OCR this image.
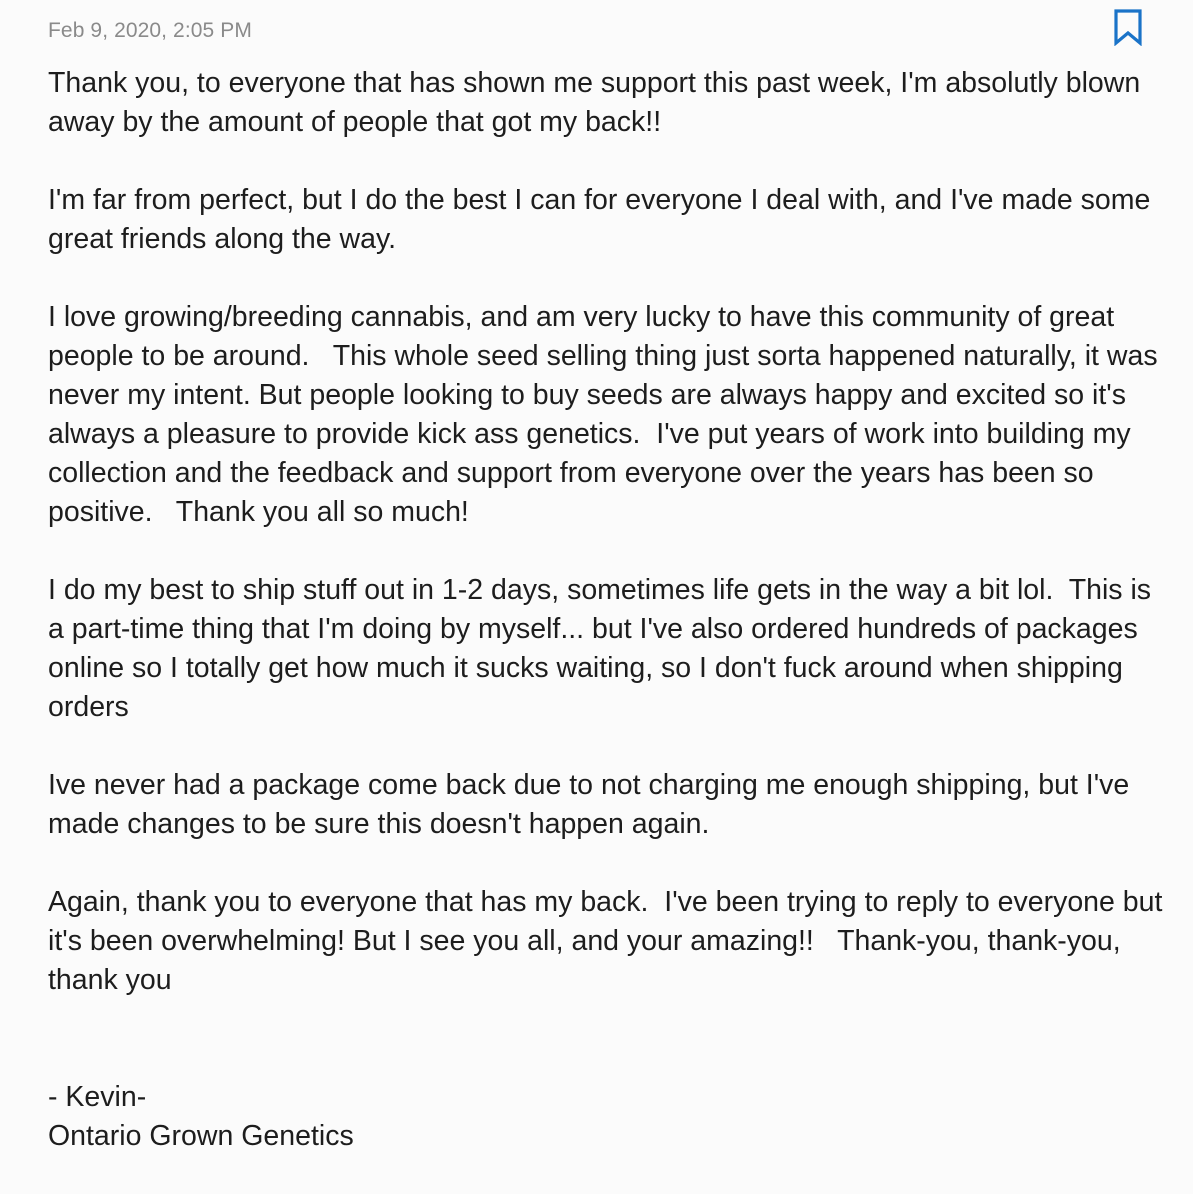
Feb 9, 2020, 2:05 PM

Thank you, to everyone that has shown me support this past week, I'm absolutly blown away by the amount of people that got my back!!

I'm far from perfect, but I do the best I can for everyone I deal with, and I've made some great friends along the way.

I love growing/breeding cannabis, and am very lucky to have this community of great people to be around.   This whole seed selling thing just sorta happened naturally, it was never my intent. But people looking to buy seeds are always happy and excited so it's always a pleasure to provide kick ass genetics.  I've put years of work into building my collection and the feedback and support from everyone over the years has been so positive.   Thank you all so much!

I do my best to ship stuff out in 1-2 days, sometimes life gets in the way a bit lol.  This is a part-time thing that I'm doing by myself... but I've also ordered hundreds of packages online so I totally get how much it sucks waiting, so I don't fuck around when shipping orders

Ive never had a package come back due to not charging me enough shipping, but I've made changes to be sure this doesn't happen again.

Again, thank you to everyone that has my back.  I've been trying to reply to everyone but it's been overwhelming! But I see you all, and your amazing!!   Thank-you, thank-you, thank you

- Kevin-
Ontario Grown Genetics
